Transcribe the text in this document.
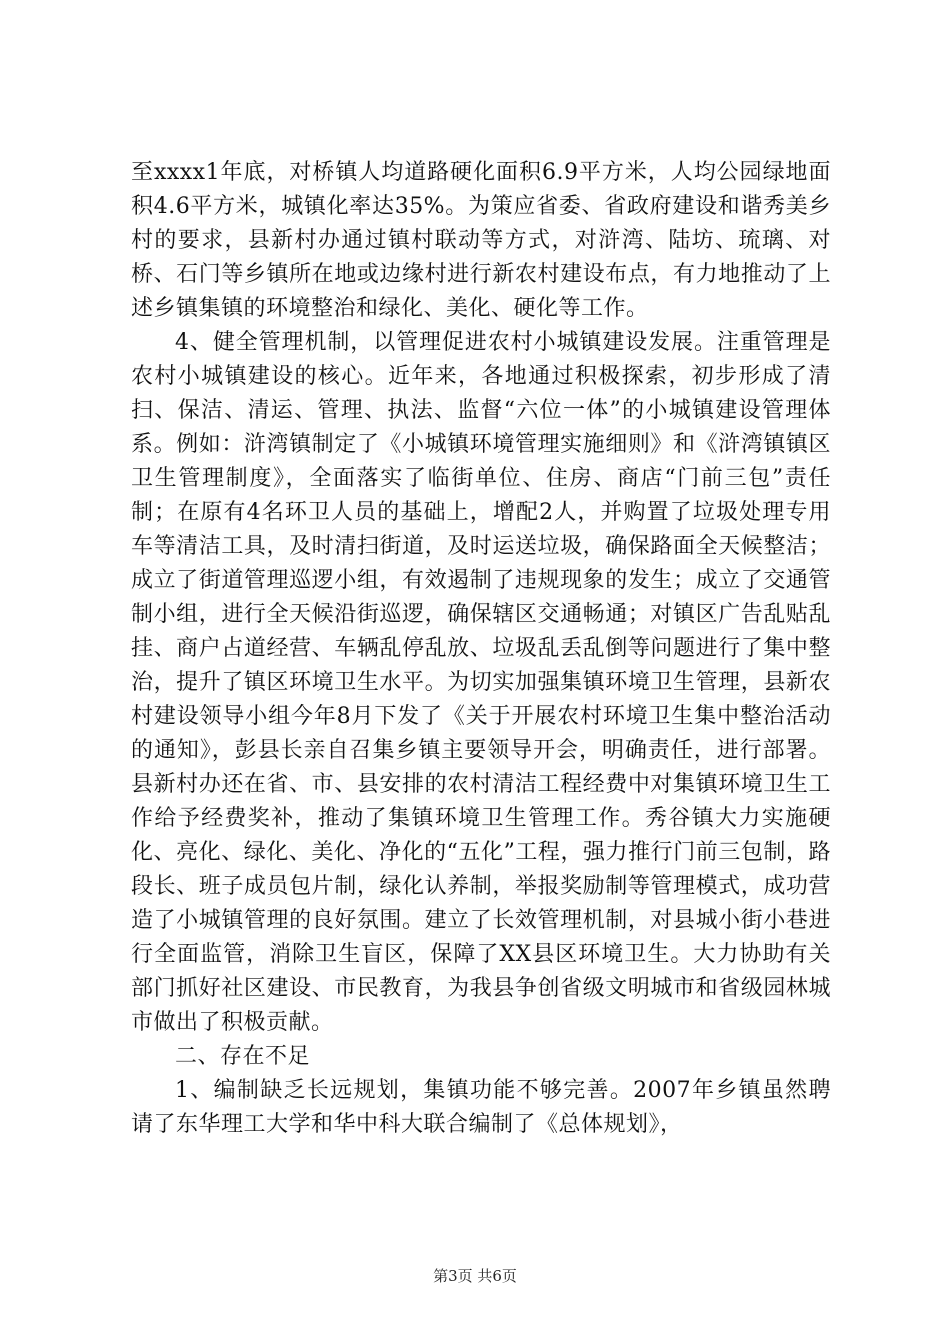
至xxxx1年底，对桥镇人均道路硬化面积6.9平方米，人均公园绿地面积4.6平方米，城镇化率达35%。为策应省委、省政府建设和谐秀美乡村的要求，县新村办通过镇村联动等方式，对浒湾、陆坊、琉璃、对桥、石门等乡镇所在地或边缘村进行新农村建设布点，有力地推动了上述乡镇集镇的环境整治和绿化、美化、硬化等工作。

4、健全管理机制，以管理促进农村小城镇建设发展。注重管理是农村小城镇建设的核心。近年来，各地通过积极探索，初步形成了清扫、保洁、清运、管理、执法、监督“六位一体”的小城镇建设管理体系。例如：浒湾镇制定了《小城镇环境管理实施细则》和《浒湾镇镇区卫生管理制度》，全面落实了临街单位、住房、商店“门前三包”责任制；在原有4名环卫人员的基础上，增配2人，并购置了垃圾处理专用车等清洁工具，及时清扫街道，及时运送垃圾，确保路面全天候整洁；成立了街道管理巡逻小组，有效遏制了违规现象的发生；成立了交通管制小组，进行全天候沿街巡逻，确保辖区交通畅通；对镇区广告乱贴乱挂、商户占道经营、车辆乱停乱放、垃圾乱丢乱倒等问题进行了集中整治，提升了镇区环境卫生水平。为切实加强集镇环境卫生管理，县新农村建设领导小组今年8月下发了《关于开展农村环境卫生集中整治活动的通知》，彭县长亲自召集乡镇主要领导开会，明确责任，进行部署。县新村办还在省、市、县安排的农村清洁工程经费中对集镇环境卫生工作给予经费奖补，推动了集镇环境卫生管理工作。秀谷镇大力实施硬化、亮化、绿化、美化、净化的“五化”工程，强力推行门前三包制，路段长、班子成员包片制，绿化认养制，举报奖励制等管理模式，成功营造了小城镇管理的良好氛围。建立了长效管理机制，对县城小街小巷进行全面监管，消除卫生盲区，保障了XX县区环境卫生。大力协助有关部门抓好社区建设、市民教育，为我县争创省级文明城市和省级园林城市做出了积极贡献。

二、存在不足

1、编制缺乏长远规划，集镇功能不够完善。2007年乡镇虽然聘请了东华理工大学和华中科大联合编制了《总体规划》，

第3页 共6页
